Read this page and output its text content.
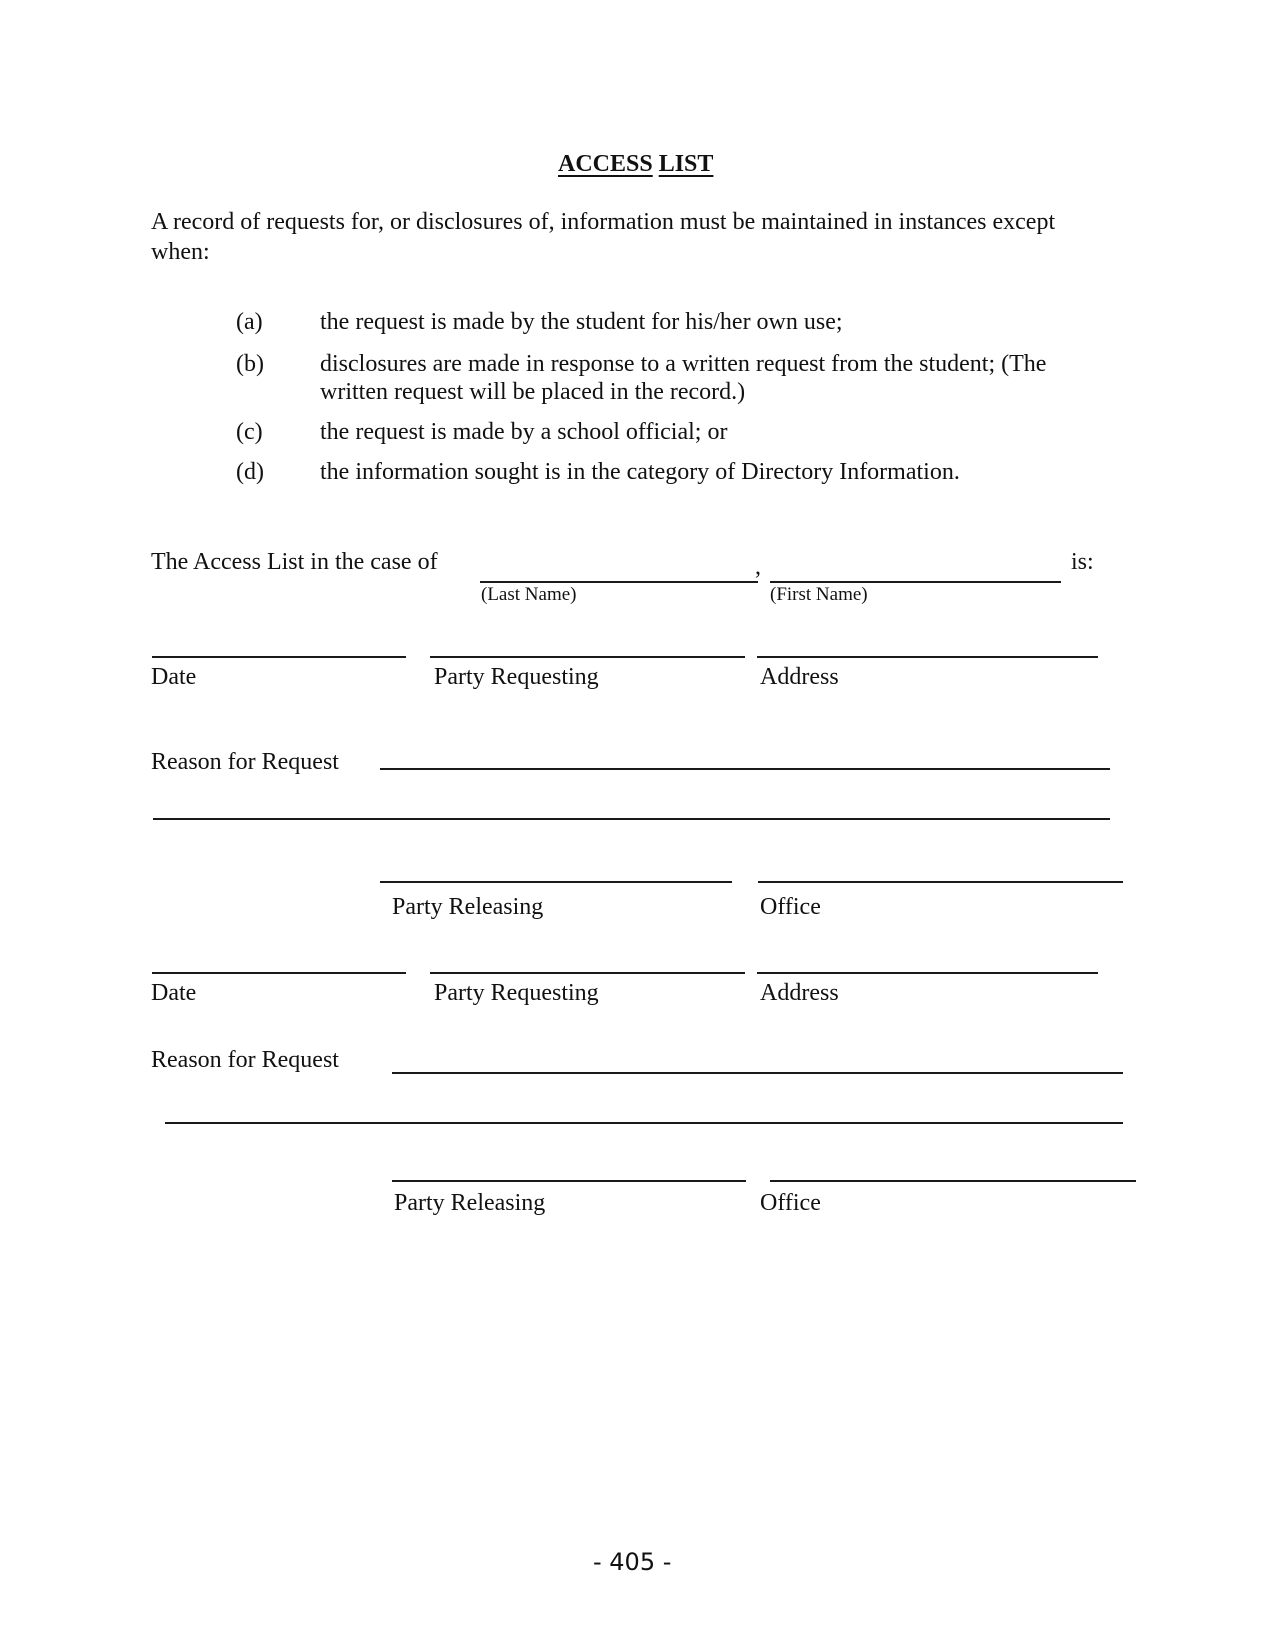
ACCESS LIST
A record of requests for, or disclosures of, information must be maintained in instances except
when:
(a) the request is made by the student for his/her own use;
(b) disclosures are made in response to a written request from the student; (The
written request will be placed in the record.)
(c) the request is made by a school official; or
(d) the information sought is in the category of Directory Information.
The Access List in the case of	,	is:
(Last Name)	(First Name)
Date	Party Requesting	Address
Reason for Request
Party Releasing	Office
Date	Party Requesting	Address
Reason for Request
Party Releasing	Office
- 405 -
